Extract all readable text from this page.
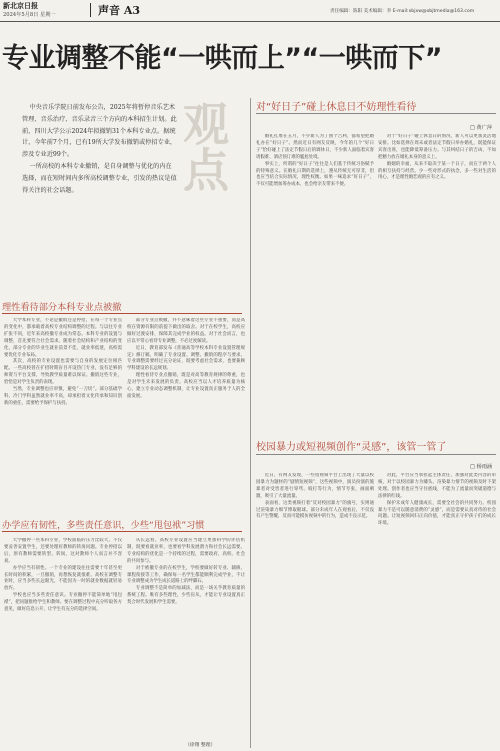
新北京日报
2024年5月8日 星期一	声音 A3	责任编辑：陈阳 美术编辑：李 E-mail:xbjxw@xbjtmedia@163.com
专业调整不能“一哄而上”“一哄而下”
观点

中央音乐学院日前发布公告，2025年将暂停音乐艺术管理、音乐治疗、音乐录音三个方向的本科招生计划。此前，四川大学公示2024年拟撤销31个本科专业点。据统计，今年前7个月，已有19所大学发布撤销或停招专业，涉及专业近99个。

一所高校的本科专业撤销，是自身调整与优化的内在选择，而在短时间内多所高校调整专业，引发的热议是值得关注的社会话题。

理性看待部分本科专业点被撤

大学本科专业，不论是撤销还是停招，在每一个专业点的变化中，都承载着高校专业结构调整的过程。与以往专业扩张不同，近年来高校撤专业成为常态。本科专业的设置与调整，首先要符合社会需求。随着社会结构和产业结构的变化，部分专业的毕业生就业前景不佳，就业率低迷，高校需要优化专业布局。

其次，高校的专业设置也需要与自身的发展定位相匹配。一些高校曾在扩招时期盲目开设热门专业，没有足够的师资与平台支撑，导致教学质量难以保证。撤销这些专业，恰恰是对学生负责的表现。

当然，专业调整也应审慎，避免“一刀切”。部分基础学科、冷门学科虽然就业率不高，却承担着文化传承和知识创新的重任，需要给予保护与扶持。

部分专业点被撤，并不意味着这些专业不重要，而是高校在资源有限的前提下做出的取舍。对于在校学生，高校应做好过渡安排，保障其完成学业的权益。对于社会而言，也应以平常心看待专业调整，不必过度解读。

近日，教育部发布《普通高等学校本科专业设置管理规定》修订稿，明确了专业设置、调整、撤销的程序与要求。专业调整需要经过充分论证，既要考虑社会需求，也要兼顾学科建设的长远规划。

理性看待专业点撤销，既是对高等教育规律的尊重，也是对学生未来发展的负责。高校应当以人才培养质量为核心，建立专业动态调整机制，让专业设置真正服务于人的全面发展。

办学应有韧性，多些责任意识，少些“甩包袱”习惯

大学撤停一些本科专业，学校面临的压力比较大，不仅要妥善安置学生，还要处理好教师的转岗问题。专业停招以后，原有教师需要转型、转岗，这对教师个人而言并不容易。

办学应当有韧性。一个专业的建设往往需要十年甚至更长时间的积累，一旦撤销，再想恢复就很难。高校在调整专业时，应当多些长远眼光，不能因为一时的就业数据就轻易放弃。

学校也应当多些责任意识。专业撤停不能简单地“甩包袱”，把问题推给学生和教师。要在调整过程中充分听取各方意见，做好信息公开，让学生有充分的选择空间。

从长远看，高校专业设置应当建立更加科学的评估机制，既要看就业率，也要看学科发展潜力和社会长远需要。专业结构的优化是一个持续的过程，需要政府、高校、社会的共同参与。

对于被撤专业的在校学生，学校要做好转专业、辅修、课程衔接等工作，确保每一名学生都能顺利完成学业，不让专业调整成为学生成长道路上的绊脚石。

专业调整不是简单的加减法，而是一场关乎教育质量的系统工程。唯有多些理性，少些盲从，才能让专业设置真正契合时代发展和学生需要。

（徐翔 整理）
对“好日子”碰上休息日不妨理性看待
□ 黄广萍

婚礼扎堆在五月，不少新人为了图个吉利，都希望把婚礼办在“好日子”。然而近日有网友反映，今年的几个“好日子”恰好碰上了法定节假日后的调休日，不少新人面临着宾客请假难、酒店预订难的尴尬处境。

事实上，所谓的“好日子”往往是人们基于传统习俗赋予的特殊意义。在婚礼日期的选择上，遵从传统无可厚非，但也应当结合实际情况，理性权衡。如果一味追求“好日子”，不仅可能增加筹办成本，也会给亲友带来不便。

对于“好日子”碰上休息日的情况，新人可以更加灵活地安排。比如选择在周末或者法定节假日举办婚礼，既能保证宾客出席，也能降低筹备压力。与其纠结日子的吉凶，不如把精力放在婚礼本身的意义上。

婚姻的幸福，从来不取决于某一个日子，而在于两个人的相互扶持与经营。少一些对形式的执念，多一些对生活的用心，才是理性婚恋观的应有之义。

校园暴力或短视频创作“灵感”，该管一管了
□ 杨雨涵

近日，有网友发现，一些短视频平台上出现了大量以校园暴力为题材的“剧情短视频”，这些视频中，演员扮演的施暴者对受害者进行辱骂、殴打等行为，情节夸张，画面刺激，吸引了大量流量。

表面看，这类视频打着“反对校园暴力”的旗号，实则通过渲染暴力细节博取眼球。部分未成年人在观看后，不仅没有产生警醒，反而可能模仿视频中的行为，造成不良示范。

对此，平台应当承担起主体责任，加强对此类内容的审核，对于以校园暴力为噱头、渲染暴力情节的视频及时下架处理。创作者也应当守住底线，不能为了流量而突破道德与法律的红线。

保护未成年人健康成长，需要全社会的共同努力。校园暴力不是可以随意消费的“灵感”，而是需要认真对待的社会问题。让短视频回归正向价值，才能真正守护孩子们的成长环境。
